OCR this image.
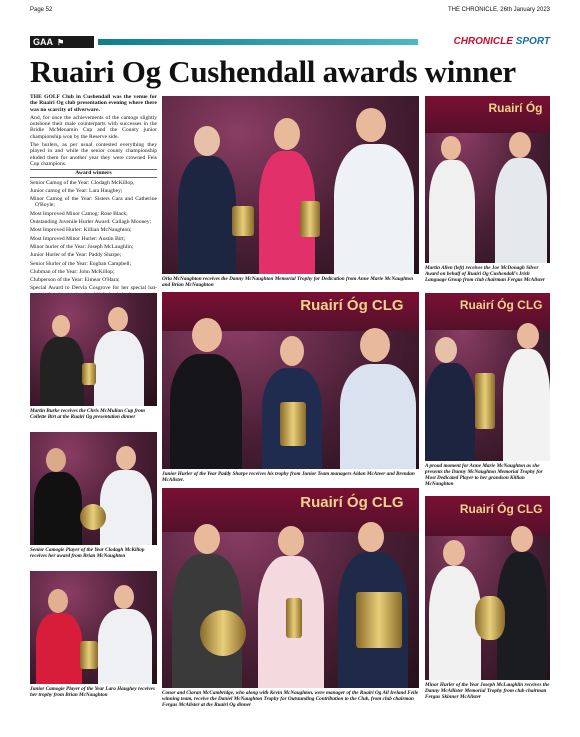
Page 52	THE CHRONICLE, 26th January 2023
GAA ⚑	CHRONICLE SPORT
Ruairi Og Cushendall awards winner

THE GOLF Club in Cushendall was the venue for the Ruairi Og club presentation evening where there was no scarcity of silverware.

And, for once the achievements of the camogs slightly outshone their male counterparts with successes in the Bridie McMenamin Cup and the County junior championship won by the Reserve side.

The hurlers, as per usual contested everything they played in and while the senior county championship eluded them for another year they were crowned Feis Cup champions.

Award winners

Senior Camog of the Year: Clodagh McKillop,

Junior camog of the Year: Lara Haughey;

Minor Camog of the Year: Sisters Cara and Catherine O'Boyle;

Most Improved Minor Camog: Rose Black;

Outstanding Juvenile Hurler Award: Callagh Mooney;

Most Improved Hurler: Killian McNaughton;

Most Improved Minor Hurler: Austin Birt;

Minor hurler of the Year: Joseph McLaughlin;

Junior Hurler of the Year: Paddy Sharpe;

Senior Hurler of the Year: Eoghan Campbell;

Clubman of the Year: John McKillop;

Clubperson of the Year: Eimear O'Hara;

Special Award to Dervla Cosgrove for her special hat-

Orla McNaughton receives the Danny McNaughton Memorial Trophy for Dedication from Anne Marie McNaughton and Brian McNaughton
Ruairí Óg
Martin Allen (left) receives the Joe McDonagh Silver Award on behalf of Ruairi Og Cushendall's Irish Language Group from club chairman Fergus McAlister
Martin Burke receives the Chris McMullan Cup from Collette Birt at the Ruairi Og presentation dinner
Ruairí Óg CLG
Junior Hurler of the Year Paddy Sharpe receives his trophy from Junior Team managers Aidan McAteer and Brendan McAlister.
Ruairí Óg CLG
A proud moment for Anne Marie McNaughton as she presents the Danny McNaughton Memorial Trophy for Most Dedicated Player to her grandson Killian McNaughton
Senior Camogie Player of the Year Clodagh McKillop receives her award from Brian McNaughton
Ruairí Óg CLG
Conor and Ciaran McCambridge, who along with Kevin McNaughton, were manager of the Ruairi Og All Ireland Feile winning team, receive the Daniel McNaughton Trophy for Outstanding Contribution to the Club, from club chairman Fergus McAlister at the Ruairi Og dinner
Ruairí Óg CLG
Minor Hurler of the Year Joseph McLaughlin receives the Danny McAllister Memorial Trophy from club chairman Fergus Skinner McAlister
Junior Camogie Player of the Year Lara Haughey receives her trophy from Brian McNaughton
